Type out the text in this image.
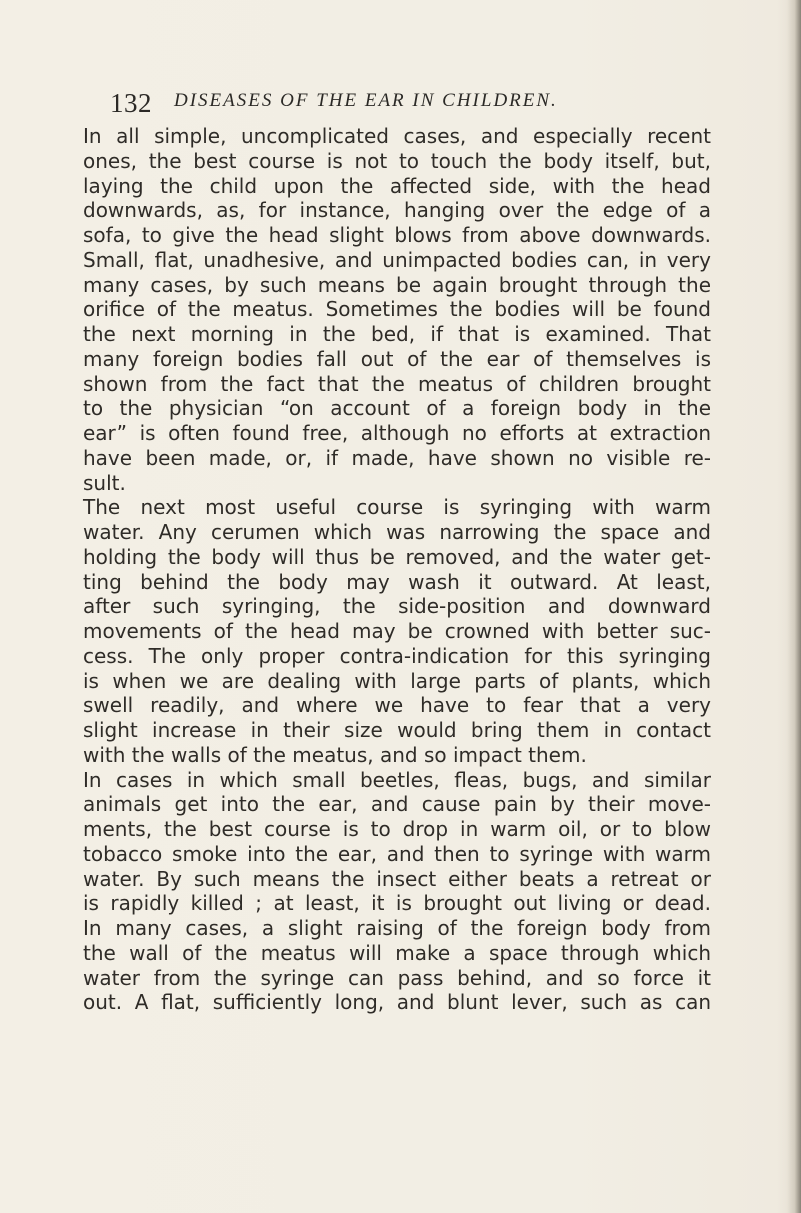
132 DISEASES OF THE EAR IN CHILDREN.
In all simple, uncomplicated cases, and especially recent
ones, the best course is not to touch the body itself, but,
laying the child upon the affected side, with the head
downwards, as, for instance, hanging over the edge of a
sofa, to give the head slight blows from above downwards.
Small, flat, unadhesive, and unimpacted bodies can, in very
many cases, by such means be again brought through the
orifice of the meatus. Sometimes the bodies will be found
the next morning in the bed, if that is examined. That
many foreign bodies fall out of the ear of themselves is
shown from the fact that the meatus of children brought
to the physician “on account of a foreign body in the
ear” is often found free, although no efforts at extraction
have been made, or, if made, have shown no visible re-
sult.
The next most useful course is syringing with warm
water. Any cerumen which was narrowing the space and
holding the body will thus be removed, and the water get-
ting behind the body may wash it outward. At least,
after such syringing, the side-position and downward
movements of the head may be crowned with better suc-
cess. The only proper contra-indication for this syringing
is when we are dealing with large parts of plants, which
swell readily, and where we have to fear that a very
slight increase in their size would bring them in contact
with the walls of the meatus, and so impact them.
In cases in which small beetles, fleas, bugs, and similar
animals get into the ear, and cause pain by their move-
ments, the best course is to drop in warm oil, or to blow
tobacco smoke into the ear, and then to syringe with warm
water. By such means the insect either beats a retreat or
is rapidly killed ; at least, it is brought out living or dead.
In many cases, a slight raising of the foreign body from
the wall of the meatus will make a space through which
water from the syringe can pass behind, and so force it
out. A flat, sufficiently long, and blunt lever, such as can
